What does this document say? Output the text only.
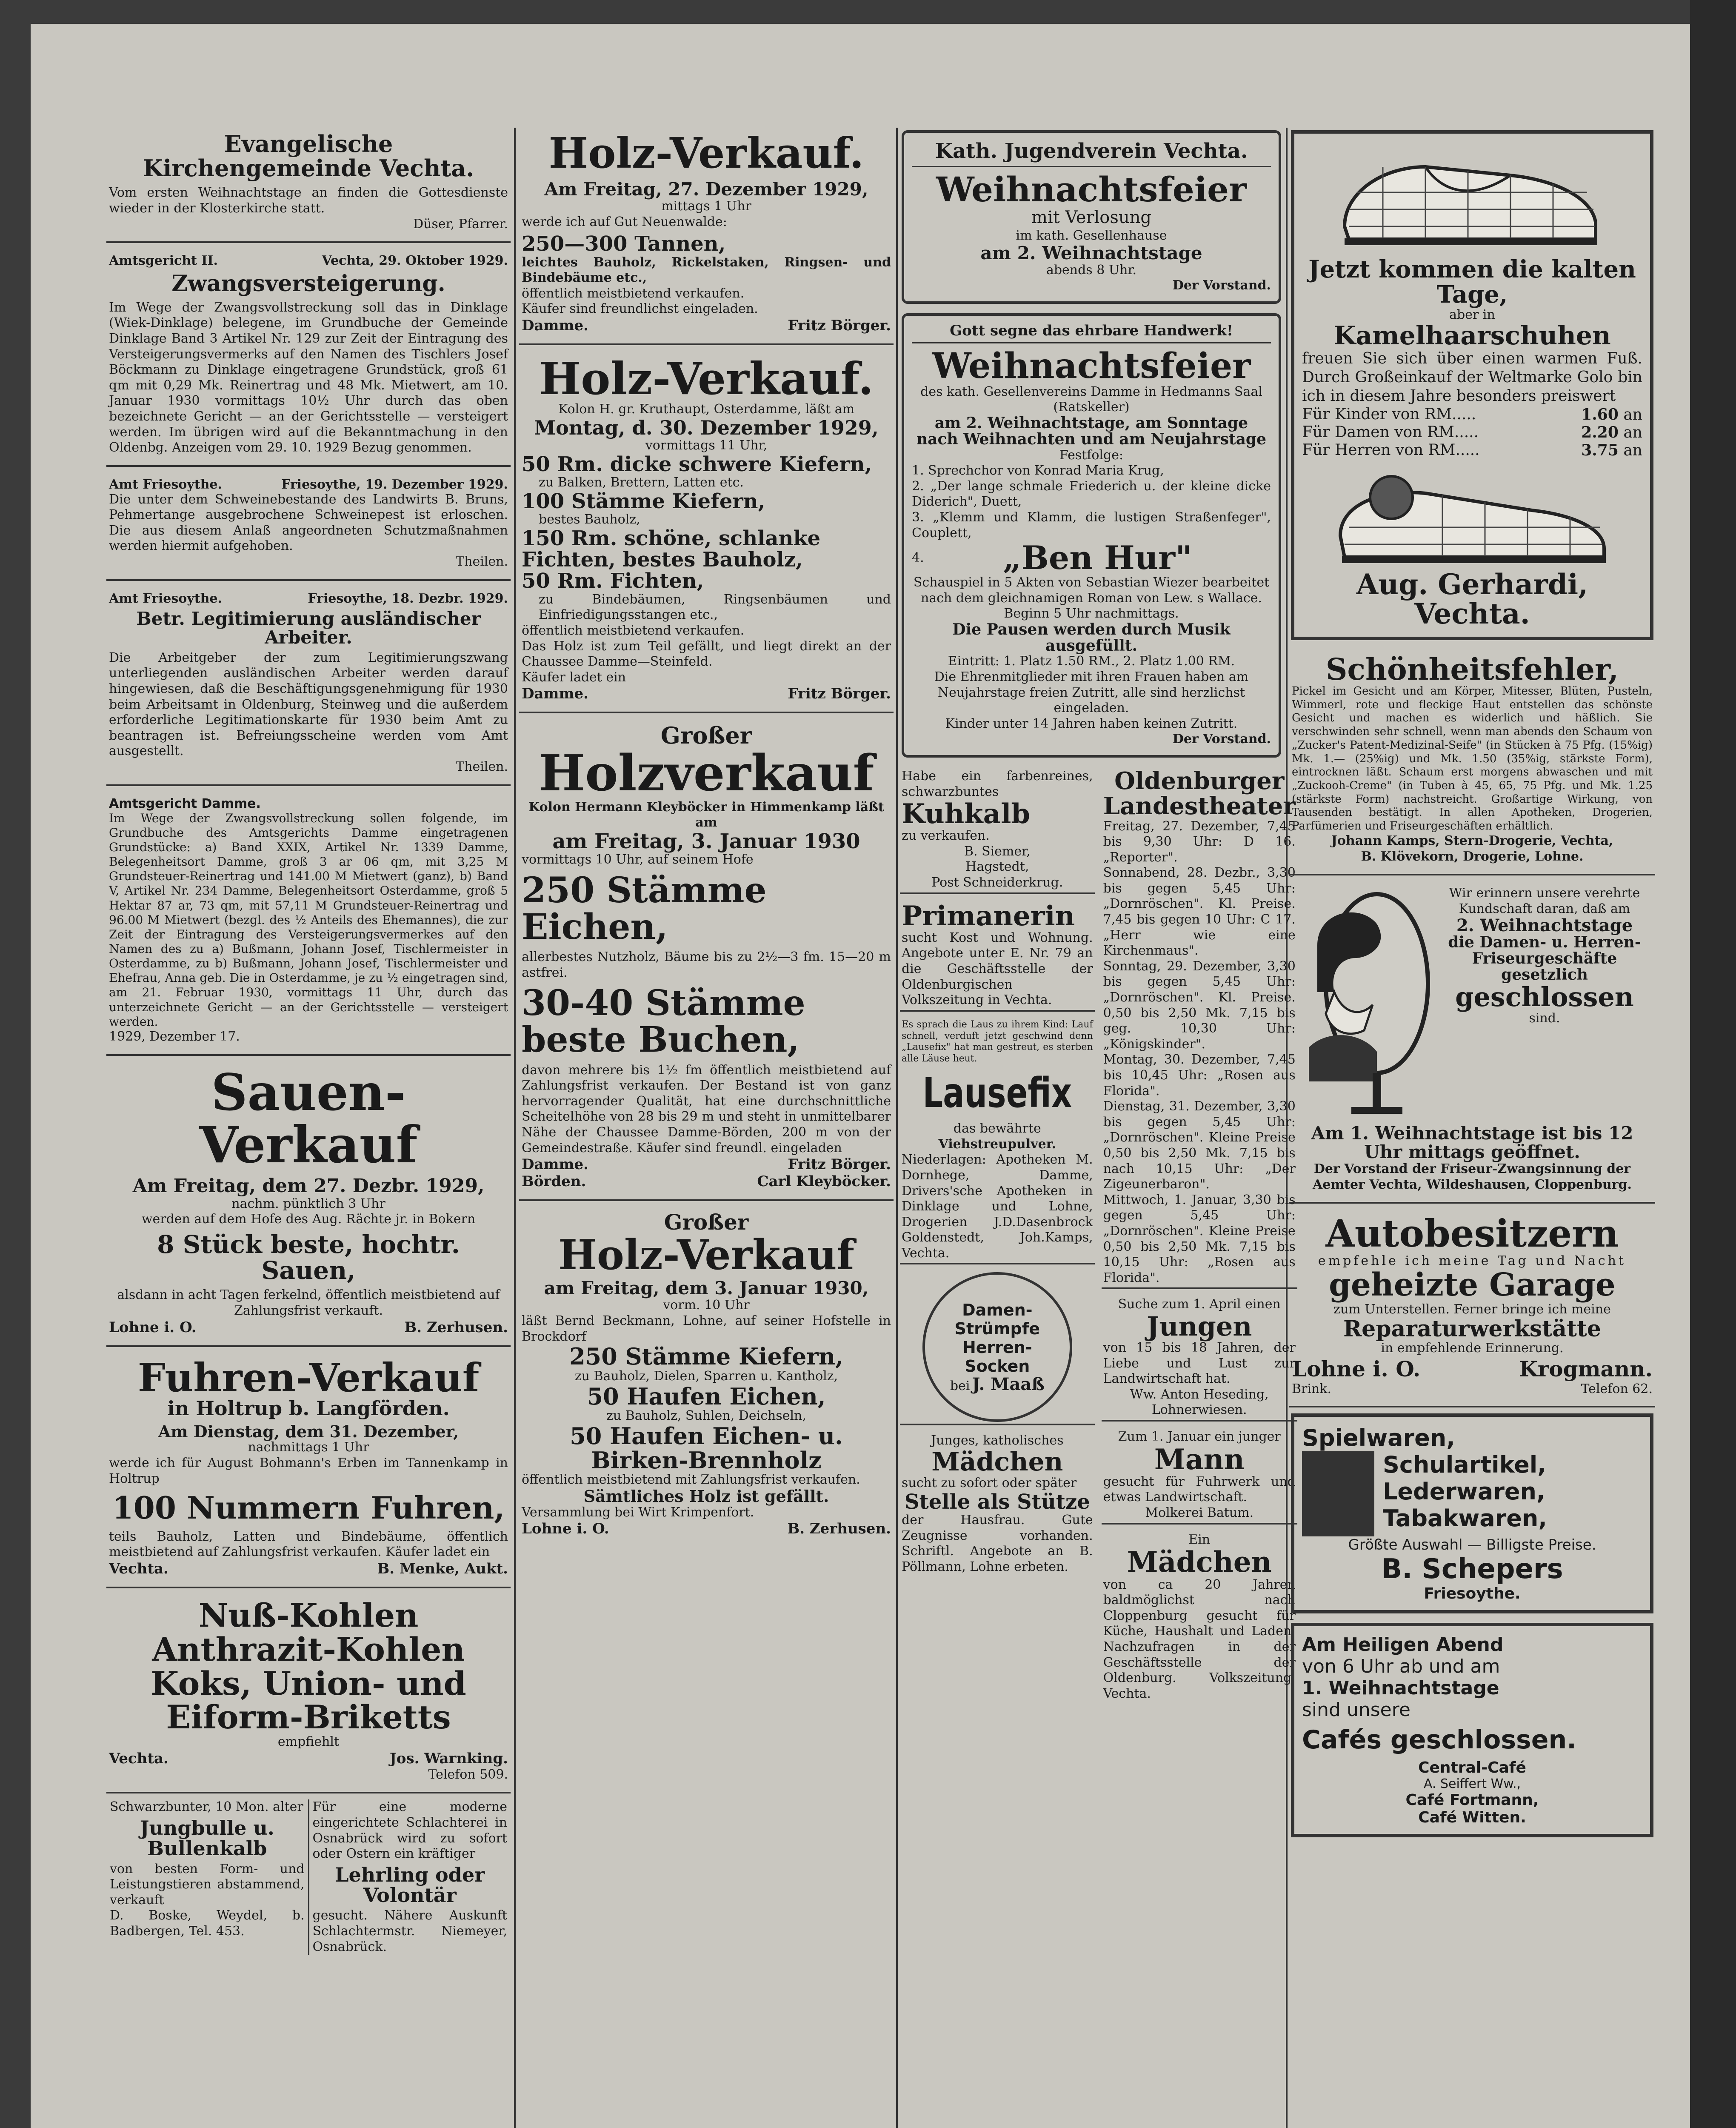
Evangelische Kirchengemeinde Vechta.
Vom ersten Weihnachtstage an finden die Gottesdienste wieder in der Klosterkirche statt.
Düser, Pfarrer.
Amtsgericht II.	Vechta, 29. Oktober 1929.
Zwangsversteigerung.
Im Wege der Zwangsvollstreckung soll das in Dinklage (Wiek-Dinklage) belegene, im Grundbuche der Gemeinde Dinklage Band 3 Artikel Nr. 129 zur Zeit der Eintragung des Versteigerungsvermerks auf den Namen des Tischlers Josef Böckmann zu Dinklage eingetragene Grundstück, groß 61 qm mit 0,29 Mk. Reinertrag und 48 Mk. Mietwert, am 10. Januar 1930 vormittags 10½ Uhr durch das oben bezeichnete Gericht — an der Gerichtsstelle — versteigert werden. Im übrigen wird auf die Bekanntmachung in den Oldenbg. Anzeigen vom 29. 10. 1929 Bezug genommen.
Amt Friesoythe.	Friesoythe, 19. Dezember 1929.
Die unter dem Schweinebestande des Landwirts B. Bruns, Pehmertange ausgebrochene Schweinepest ist erloschen. Die aus diesem Anlaß angeordneten Schutzmaßnahmen werden hiermit aufgehoben.
Theilen.
Amt Friesoythe.	Friesoythe, 18. Dezbr. 1929.
Betr. Legitimierung ausländischer Arbeiter.
Die Arbeitgeber der zum Legitimierungszwang unterliegenden ausländischen Arbeiter werden darauf hingewiesen, daß die Beschäftigungsgenehmigung für 1930 beim Arbeitsamt in Oldenburg, Steinweg und die außerdem erforderliche Legitimationskarte für 1930 beim Amt zu beantragen ist. Befreiungsscheine werden vom Amt ausgestellt.
Theilen.
Amtsgericht Damme.
Im Wege der Zwangsvollstreckung sollen folgende, im Grundbuche des Amtsgerichts Damme eingetragenen Grundstücke: a) Band XXIX, Artikel Nr. 1339 Damme, Belegenheitsort Damme, groß 3 ar 06 qm, mit 3,25 M Grundsteuer-Reinertrag und 141.00 M Mietwert (ganz), b) Band V, Artikel Nr. 234 Damme, Belegenheitsort Osterdamme, groß 5 Hektar 87 ar, 73 qm, mit 57,11 M Grundsteuer-Reinertrag und 96.00 M Mietwert (bezgl. des ½ Anteils des Ehemannes), die zur Zeit der Eintragung des Versteigerungsvermerkes auf den Namen des zu a) Bußmann, Johann Josef, Tischlermeister in Osterdamme, zu b) Bußmann, Johann Josef, Tischlermeister und Ehefrau, Anna geb. Die in Osterdamme, je zu ½ eingetragen sind, am 21. Februar 1930, vormittags 11 Uhr, durch das unterzeichnete Gericht — an der Gerichtsstelle — versteigert werden.
1929, Dezember 17.
Sauen-Verkauf
Am Freitag, dem 27. Dezbr. 1929,
nachm. pünktlich 3 Uhr
werden auf dem Hofe des Aug. Rächte jr. in Bokern
8 Stück beste, hochtr. Sauen,
alsdann in acht Tagen ferkelnd, öffentlich meistbietend auf Zahlungsfrist verkauft.
Lohne i. O.	B. Zerhusen.
Fuhren-Verkauf
in Holtrup b. Langförden.
Am Dienstag, dem 31. Dezember,
nachmittags 1 Uhr
werde ich für August Bohmann's Erben im Tannenkamp in Holtrup
100 Nummern Fuhren,
teils Bauholz, Latten und Bindebäume, öffentlich meistbietend auf Zahlungsfrist verkaufen. Käufer ladet ein
Vechta.	B. Menke, Aukt.
Nuß-Kohlen
Anthrazit-Kohlen
Koks, Union- und
Eiform-Briketts
empfiehlt
Vechta.	Jos. Warnking.
Telefon 509.
Schwarzbunter, 10 Mon. alter
Jungbulle u. Bullenkalb
von besten Form- und Leistungstieren abstammend, verkauft
D. Boske, Weydel, b. Badbergen, Tel. 453.
Für eine moderne eingerichtete Schlachterei in Osnabrück wird zu sofort oder Ostern ein kräftiger
Lehrling oder Volontär
gesucht. Nähere Auskunft Schlachtermstr. Niemeyer, Osnabrück.
Holz-Verkauf.
Am Freitag, 27. Dezember 1929,
mittags 1 Uhr
werde ich auf Gut Neuenwalde:
250—300 Tannen,
leichtes Bauholz, Rickelstaken, Ringsen- und Bindebäume etc.,
öffentlich meistbietend verkaufen.
Käufer sind freundlichst eingeladen.
Damme.	Fritz Börger.
Holz-Verkauf.
Kolon H. gr. Kruthaupt, Osterdamme, läßt am
Montag, d. 30. Dezember 1929,
vormittags 11 Uhr,
50 Rm. dicke schwere Kiefern,
zu Balken, Brettern, Latten etc.
100 Stämme Kiefern,
bestes Bauholz,
150 Rm. schöne, schlanke Fichten, bestes Bauholz,
50 Rm. Fichten,
zu Bindebäumen, Ringsenbäumen und Einfriedigungsstangen etc.,
öffentlich meistbietend verkaufen.
Das Holz ist zum Teil gefällt, und liegt direkt an der Chaussee Damme—Steinfeld.
Käufer ladet ein
Damme.	Fritz Börger.
Großer
Holzverkauf
Kolon Hermann Kleyböcker in Himmenkamp läßt am
am Freitag, 3. Januar 1930
vormittags 10 Uhr, auf seinem Hofe
250 Stämme Eichen,
allerbestes Nutzholz, Bäume bis zu 2½—3 fm. 15—20 m astfrei.
30-40 Stämme beste Buchen,
davon mehrere bis 1½ fm öffentlich meistbietend auf Zahlungsfrist verkaufen. Der Bestand ist von ganz hervorragender Qualität, hat eine durchschnittliche Scheitelhöhe von 28 bis 29 m und steht in unmittelbarer Nähe der Chaussee Damme-Börden, 200 m von der Gemeindestraße. Käufer sind freundl. eingeladen
Damme.	Fritz Börger.
Börden.	Carl Kleyböcker.
Großer
Holz-Verkauf
am Freitag, dem 3. Januar 1930,
vorm. 10 Uhr
läßt Bernd Beckmann, Lohne, auf seiner Hofstelle in Brockdorf
250 Stämme Kiefern,
zu Bauholz, Dielen, Sparren u. Kantholz,
50 Haufen Eichen,
zu Bauholz, Suhlen, Deichseln,
50 Haufen Eichen- u. Birken-Brennholz
öffentlich meistbietend mit Zahlungsfrist verkaufen.
Sämtliches Holz ist gefällt.
Versammlung bei Wirt Krimpenfort.
Lohne i. O.	B. Zerhusen.
Kath. Jugendverein Vechta.
Weihnachtsfeier
mit Verlosung
im kath. Gesellenhause
am 2. Weihnachtstage
abends 8 Uhr.
Der Vorstand.
Gott segne das ehrbare Handwerk!
Weihnachtsfeier
des kath. Gesellenvereins Damme in Hedmanns Saal (Ratskeller)
am 2. Weihnachtstage, am Sonntage nach Weihnachten und am Neujahrstage
Festfolge:
1. Sprechchor von Konrad Maria Krug,
2. „Der lange schmale Friederich u. der kleine dicke Diderich", Duett,
3. „Klemm und Klamm, die lustigen Straßenfeger", Couplett,
4.	„Ben Hur"
Schauspiel in 5 Akten von Sebastian Wiezer bearbeitet nach dem gleichnamigen Roman von Lew. s Wallace.
Beginn 5 Uhr nachmittags.
Die Pausen werden durch Musik ausgefüllt.
Eintritt: 1. Platz 1.50 RM., 2. Platz 1.00 RM.
Die Ehrenmitglieder mit ihren Frauen haben am Neujahrstage freien Zutritt, alle sind herzlichst eingeladen.
Kinder unter 14 Jahren haben keinen Zutritt.
Der Vorstand.
Habe ein farbenreines, schwarzbuntes
Kuhkalb
zu verkaufen.
B. Siemer,
Hagstedt,
Post Schneiderkrug.
Primanerin
sucht Kost und Wohnung. Angebote unter E. Nr. 79 an die Geschäftsstelle der Oldenburgischen Volkszeitung in Vechta.
Es sprach die Laus zu ihrem Kind: Lauf schnell, verduft jetzt geschwind denn „Lausefix" hat man gestreut, es sterben alle Läuse heut.
Lausefix
das bewährte
Viehstreupulver.
Niederlagen: Apotheken M. Dornhege, Damme, Drivers'sche Apotheken in Dinklage und Lohne, Drogerien J.D.Dasenbrock Goldenstedt, Joh.Kamps, Vechta.
Damen-
Strümpfe
Herren-
Socken
bei J. Maaß
Junges, katholisches
Mädchen
sucht zu sofort oder später
Stelle als Stütze
der Hausfrau. Gute Zeugnisse vorhanden. Schriftl. Angebote an B. Pöllmann, Lohne erbeten.
Oldenburger Landestheater
Freitag, 27. Dezember, 7,45 bis 9,30 Uhr: D 16. „Reporter".
Sonnabend, 28. Dezbr., 3,30 bis gegen 5,45 Uhr: „Dornröschen". Kl. Preise. 7,45 bis gegen 10 Uhr: C 17. „Herr wie eine Kirchenmaus".
Sonntag, 29. Dezember, 3,30 bis gegen 5,45 Uhr: „Dornröschen". Kl. Preise. 0,50 bis 2,50 Mk. 7,15 bis geg. 10,30 Uhr: „Königskinder".
Montag, 30. Dezember, 7,45 bis 10,45 Uhr: „Rosen aus Florida".
Dienstag, 31. Dezember, 3,30 bis gegen 5,45 Uhr: „Dornröschen". Kleine Preise 0,50 bis 2,50 Mk. 7,15 bis nach 10,15 Uhr: „Der Zigeunerbaron".
Mittwoch, 1. Januar, 3,30 bis gegen 5,45 Uhr: „Dornröschen". Kleine Preise 0,50 bis 2,50 Mk. 7,15 bis 10,15 Uhr: „Rosen aus Florida".
Suche zum 1. April einen
Jungen
von 15 bis 18 Jahren, der Liebe und Lust zur Landwirtschaft hat.
Ww. Anton Heseding, Lohnerwiesen.
Zum 1. Januar ein junger
Mann
gesucht für Fuhrwerk und etwas Landwirtschaft.
Molkerei Batum.
Ein
Mädchen
von ca 20 Jahren baldmöglichst nach Cloppenburg gesucht für Küche, Haushalt und Laden. Nachzufragen in der Geschäftsstelle der Oldenburg. Volkszeitung, Vechta.
Jetzt kommen die kalten Tage,
aber in
Kamelhaarschuhen
freuen Sie sich über einen warmen Fuß. Durch Großeinkauf der Weltmarke Golo bin ich in diesem Jahre besonders preiswert
Für Kinder von RM.....	1.60 an
Für Damen von RM.....	2.20 an
Für Herren von RM.....	3.75 an
Aug. Gerhardi, Vechta.
Schönheitsfehler,
Pickel im Gesicht und am Körper, Mitesser, Blüten, Pusteln, Wimmerl, rote und fleckige Haut entstellen das schönste Gesicht und machen es widerlich und häßlich. Sie verschwinden sehr schnell, wenn man abends den Schaum von „Zucker's Patent-Medizinal-Seife" (in Stücken à 75 Pfg. (15%ig) Mk. 1.— (25%ig) und Mk. 1.50 (35%ig, stärkste Form), eintrocknen läßt. Schaum erst morgens abwaschen und mit „Zuckooh-Creme" (in Tuben à 45, 65, 75 Pfg. und Mk. 1.25 (stärkste Form) nachstreicht. Großartige Wirkung, von Tausenden bestätigt. In allen Apotheken, Drogerien, Parfümerien und Friseurgeschäften erhältlich.
Johann Kamps, Stern-Drogerie, Vechta,
B. Klövekorn, Drogerie, Lohne.
Wir erinnern unsere verehrte Kundschaft daran, daß am
2. Weihnachtstage
die Damen- u. Herren-Friseurgeschäfte
gesetzlich
geschlossen
sind.
Am 1. Weihnachtstage ist bis 12 Uhr mittags geöffnet.
Der Vorstand der Friseur-Zwangsinnung der Aemter Vechta, Wildeshausen, Cloppenburg.
Autobesitzern
empfehle ich meine Tag und Nacht
geheizte Garage
zum Unterstellen. Ferner bringe ich meine
Reparaturwerkstätte
in empfehlende Erinnerung.
Lohne i. O.	Krogmann.
Brink.	Telefon 62.
Spielwaren,
Schulartikel,
Lederwaren,
Tabakwaren,
Größte Auswahl — Billigste Preise.
B. Schepers
Friesoythe.
Am Heiligen Abend
von 6 Uhr ab und am
1. Weihnachtstage
sind unsere
Cafés geschlossen.
Central-Café
A. Seiffert Ww.,
Café Fortmann,
Café Witten.
